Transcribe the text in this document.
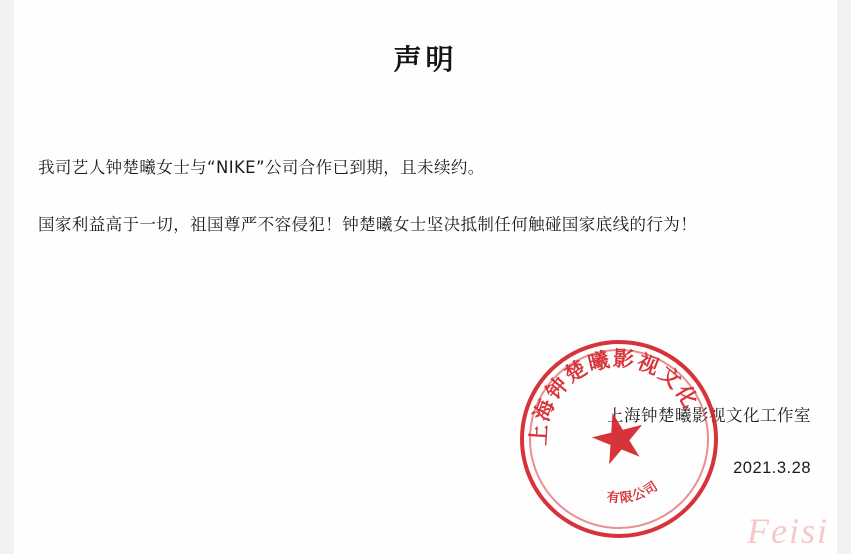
声明
我司艺人钟楚曦女士与“NIKE”公司合作已到期，且未续约。
国家利益高于一切，祖国尊严不容侵犯！钟楚曦女士坚决抵制任何触碰国家底线的行为！
上海钟楚曦影视文化工作室
2021.3.28
上海钟楚曦影视文化
有限公司
Feisi
